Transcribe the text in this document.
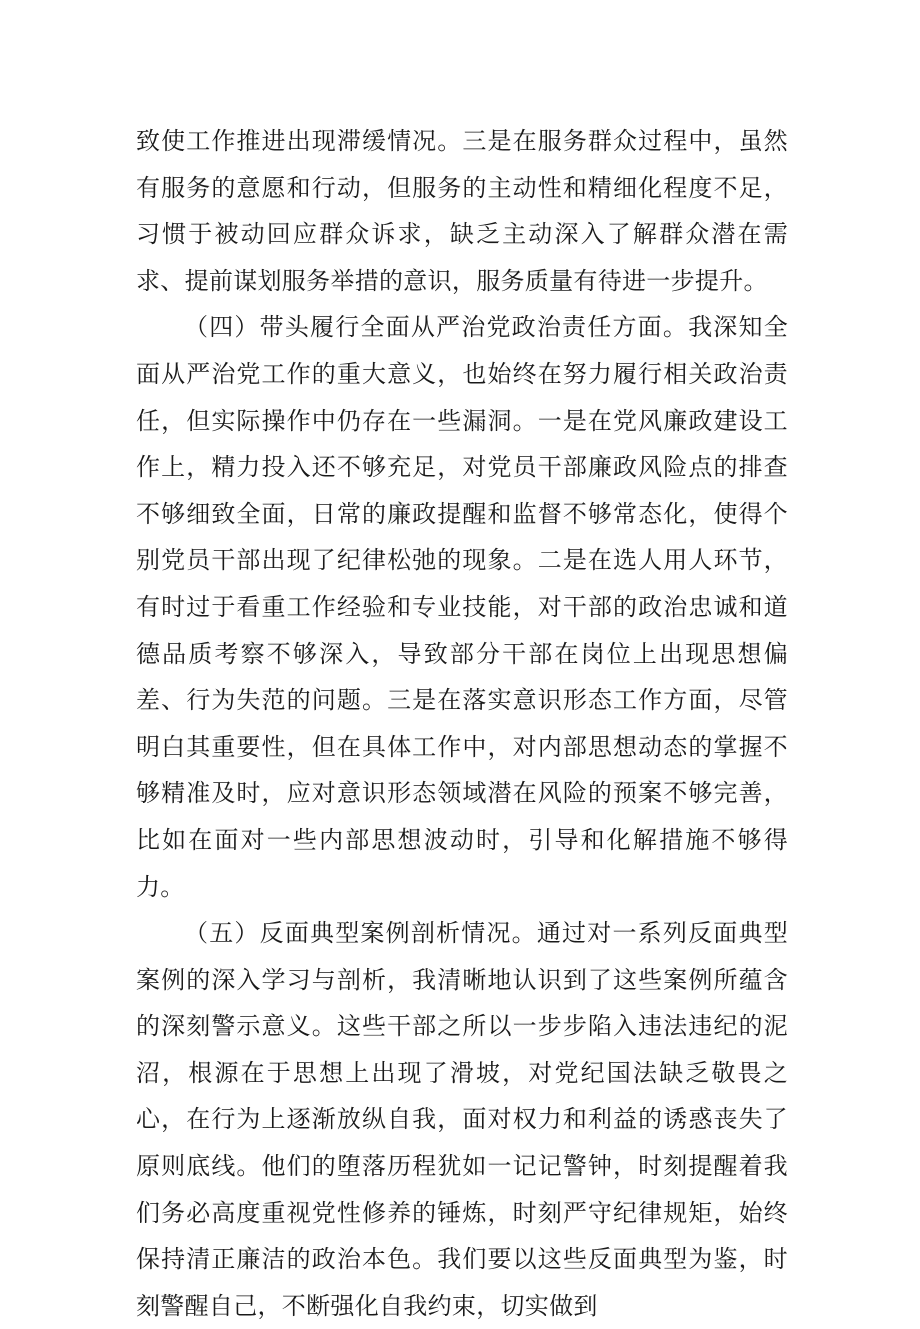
致使工作推进出现滞缓情况。三是在服务群众过程中，虽然有服务的意愿和行动，但服务的主动性和精细化程度不足，习惯于被动回应群众诉求，缺乏主动深入了解群众潜在需求、提前谋划服务举措的意识，服务质量有待进一步提升。

（四）带头履行全面从严治党政治责任方面。我深知全面从严治党工作的重大意义，也始终在努力履行相关政治责任，但实际操作中仍存在一些漏洞。一是在党风廉政建设工作上，精力投入还不够充足，对党员干部廉政风险点的排查不够细致全面，日常的廉政提醒和监督不够常态化，使得个别党员干部出现了纪律松弛的现象。二是在选人用人环节，有时过于看重工作经验和专业技能，对干部的政治忠诚和道德品质考察不够深入，导致部分干部在岗位上出现思想偏差、行为失范的问题。三是在落实意识形态工作方面，尽管明白其重要性，但在具体工作中，对内部思想动态的掌握不够精准及时，应对意识形态领域潜在风险的预案不够完善，比如在面对一些内部思想波动时，引导和化解措施不够得力。

（五）反面典型案例剖析情况。通过对一系列反面典型案例的深入学习与剖析，我清晰地认识到了这些案例所蕴含的深刻警示意义。这些干部之所以一步步陷入违法违纪的泥沼，根源在于思想上出现了滑坡，对党纪国法缺乏敬畏之心，在行为上逐渐放纵自我，面对权力和利益的诱惑丧失了原则底线。他们的堕落历程犹如一记记警钟，时刻提醒着我们务必高度重视党性修养的锤炼，时刻严守纪律规矩，始终保持清正廉洁的政治本色。我们要以这些反面典型为鉴，时刻警醒自己，不断强化自我约束，切实做到
